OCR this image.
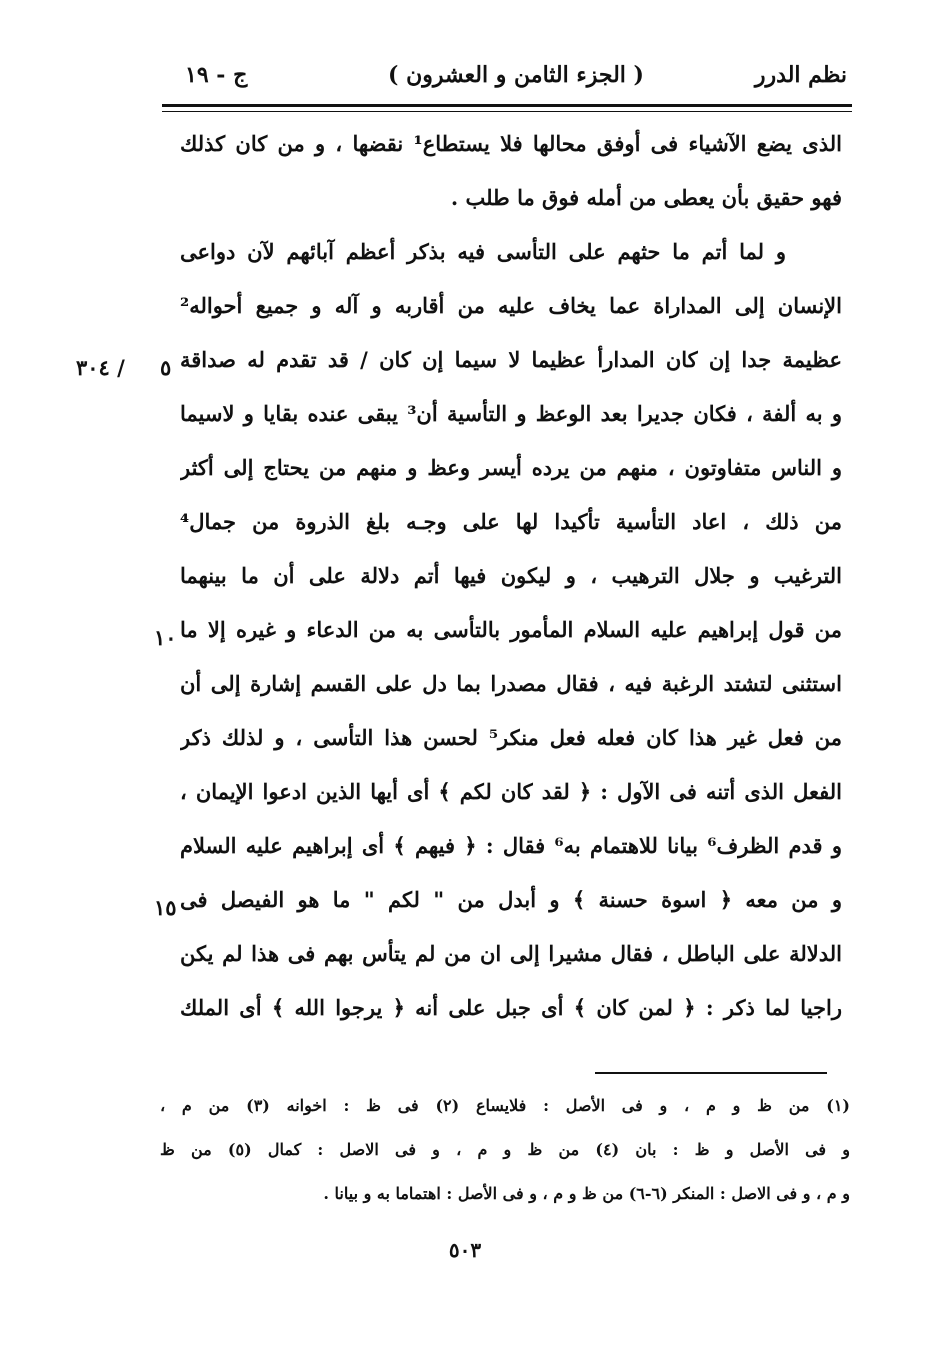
نظم الدرر
( الجزء الثامن و العشرون )
ج - ١٩
الذى يضع الآشياء فى أوفق محالها فلا يستطاع¹ نقضها ، و من كان كذلك
فهو حقيق بأن يعطى من أمله فوق ما طلب .
و لما أتم ما حثهم على التأسى فيه بذكر أعظم آبائهم لآن دواعى
الإنسان إلى المداراة عما يخاف عليه من أقاربه و آله و جميع أحواله²
عظيمة جدا إن كان المدارأ عظيما لا سيما إن كان / قد تقدم له صداقة
و به ألفة ، فكان جديرا بعد الوعظ و التأسية أن³ يبقى عنده بقايا و لاسيما
و الناس متفاوتون ، منهم من يرده أيسر وعظ و منهم من يحتاج إلى أكثر
من ذلك ، اعاد التأسية تأكيدا لها على وجـه بلغ الذروة من جمال⁴
الترغيب و جلال الترهيب ، و ليكون فيها أتم دلالة على أن ما بينهما
من قول إبراهيم عليه السلام المأمور بالتأسى به من الدعاء و غيره إلا ما
استثنى لتشتد الرغبة فيه ، فقال مصدرا بما دل على القسم إشارة إلى أن
من فعل غير هذا كان فعله فعل منكر⁵ لحسن هذا التأسى ، و لذلك ذكر
الفعل الذى أتنه فى الآول : ﴿ لقد كان لكم ﴾ أى أيها الذين ادعوا الإيمان ،
و قدم الظرف⁶ بيانا للاهتمام به⁶ فقال : ﴿ فيهم ﴾ أى إبراهيم عليه السلام
و من معه ﴿ اسوة حسنة ﴾ و أبدل من " لكم " ما هو الفيصل فى
الدلالة على الباطل ، فقال مشيرا إلى ان من لم يتأس بهم فى هذا لم يكن
راجيا لما ذكر : ﴿ لمن كان ﴾ أى جبل على أنه ﴿ يرجوا الله ﴾ أى الملك
٥
/ ٣٠٤
١٠
١٥
(١) من ظ و م ، و فى الأصل : فلايساع (٢) فى ظ : اخوانه (٣) من م ،
و فى الأصل و ظ : بان (٤) من ظ و م ، و فى الاصل : كمال (٥) من ظ
و م ، و فى الاصل : المنكر (٦-٦) من ظ و م ، و فى الأصل : اهتماما به و بيانا .
٥٠٣
